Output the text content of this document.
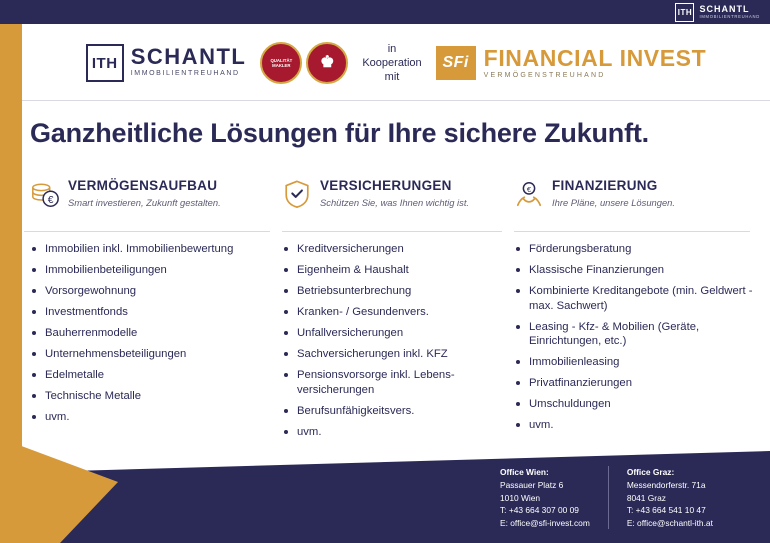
ITH SCHANTL
IMMOBILIENTREUHAND
ITH SCHANTL
IMMOBILIENTREUHAND
QUALITÄT MAKLER	♚
in
Kooperation
mit
SFi FINANCIAL INVEST
VERMÖGENSTREUHAND
Ganzheitliche Lösungen für Ihre sichere Zukunft.
€
VERMÖGENSAUFBAU
Smart investieren, Zukunft gestalten.
Immobilien inkl. Immobilienbewertung
Immobilienbeteiligungen
Vorsorgewohnung
Investmentfonds
Bauherrenmodelle
Unternehmensbeteiligungen
Edelmetalle
Technische Metalle
uvm.
VERSICHERUNGEN
Schützen Sie, was Ihnen wichtig ist.
Kreditversicherungen
Eigenheim & Haushalt
Betriebsunterbrechung
Kranken- / Gesundenvers.
Unfallversicherungen
Sachversicherungen inkl. KFZ
Pensionsvorsorge inkl. Lebens-versicherungen
Berufsunfähigkeitsvers.
uvm.
€ FINANZIERUNG
Ihre Pläne, unsere Lösungen.
Förderungsberatung
Klassische Finanzierungen
Kombinierte Kreditangebote (min. Geldwert - max. Sachwert)
Leasing - Kfz- & Mobilien (Geräte, Einrichtungen, etc.)
Immobilienleasing
Privatfinanzierungen
Umschuldungen
uvm.
Office Wien:
Passauer Platz 6
1010 Wien
T: +43 664 307 00 09
E: office@sfi-invest.com
Office Graz:
Messendorferstr. 71a
8041 Graz
T: +43 664 541 10 47
E: office@schantl-ith.at
